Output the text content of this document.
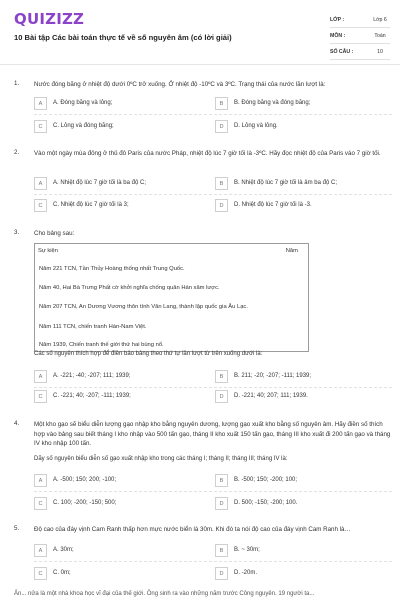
QUIZIZZ
10 Bài tập Các bài toán thực tế về số nguyên âm (có lời giải)
LỚP :	Lớp 6
MÔN :	Toán
SỐ CÂU :	10
1. Nước đóng băng ở nhiệt độ dưới 0ºC trở xuống. Ở nhiệt độ -10ºC và 3ºC. Trạng thái của nước lần lượt là:
A	A. Đóng băng và lỏng;	B	B. Đóng băng và đóng băng;
C	C. Lỏng và đóng băng;	D	D. Lỏng và lỏng.
2. Vào một ngày mùa đông ở thủ đô Paris của nước Pháp, nhiệt độ lúc 7 giờ tối là -3ºC. Hãy đọc nhiệt độ của Paris vào 7 giờ tối.
A	A. Nhiệt độ lúc 7 giờ tối là ba độ C;	B	B. Nhiệt độ lúc 7 giờ tối là âm ba độ C;
C	C. Nhiệt độ lúc 7 giờ tối là 3;	D	D. Nhiệt độ lúc 7 giờ tối là -3.
3. Cho bảng sau:
Sự kiện	Năm
Năm 221 TCN, Tần Thủy Hoàng thống nhất Trung Quốc.
Năm 40, Hai Bà Trưng Phất cờ khởi nghĩa chống quân Hán xâm lược.
Năm 207 TCN, An Dương Vương thôn tính Văn Lang, thành lập quốc gia Âu Lạc.
Năm 111 TCN, chiến tranh Hán-Nam Việt.
Năm 1939, Chiến tranh thế giới thứ hai bùng nổ.
Các số nguyên thích hợp để điền bảo bảng theo thứ tự lần lượt từ trên xuống dưới là:
A	A. -221; -40; -207; 111; 1939;	B	B. 211; -20; -207; -111; 1939;
C	C. -221; 40; -207; -111; 1939;	D	D. -221; 40; 207; 111; 1939.
4. Một kho gạo sẽ biểu diễn lượng gạo nhập kho bằng nguyên dương, lượng gạo xuất kho bằng số nguyên âm. Hãy điền số thích hợp vào bảng sau biết tháng I kho nhập vào 500 tấn gạo, tháng II kho xuất 150 tấn gạo, tháng III kho xuất đi 200 tấn gạo và tháng IV kho nhập 100 tấn.
Dãy số nguyên biểu diễn số gạo xuất nhập kho trong các tháng I; tháng II; tháng III; tháng IV là:
A	A. -500; 150; 200; -100;	B	B. -500; 150; -200; 100;
C	C. 100; -200; -150; 500;	D	D. 500; -150; -200; 100.
5. Độ cao của đáy vịnh Cam Ranh thấp hơn mực nước biển là 30m. Khi đó ta nói độ cao của đáy vịnh Cam Ranh là…
A	A. 30m;	B	B. ~ 30m;
C	C. 0m;	D	D. -20m.
Ấn... nửa là một nhà khoa học vĩ đại của thế giới. Ông sinh ra vào những năm trước Công nguyên. 19 người ta...
